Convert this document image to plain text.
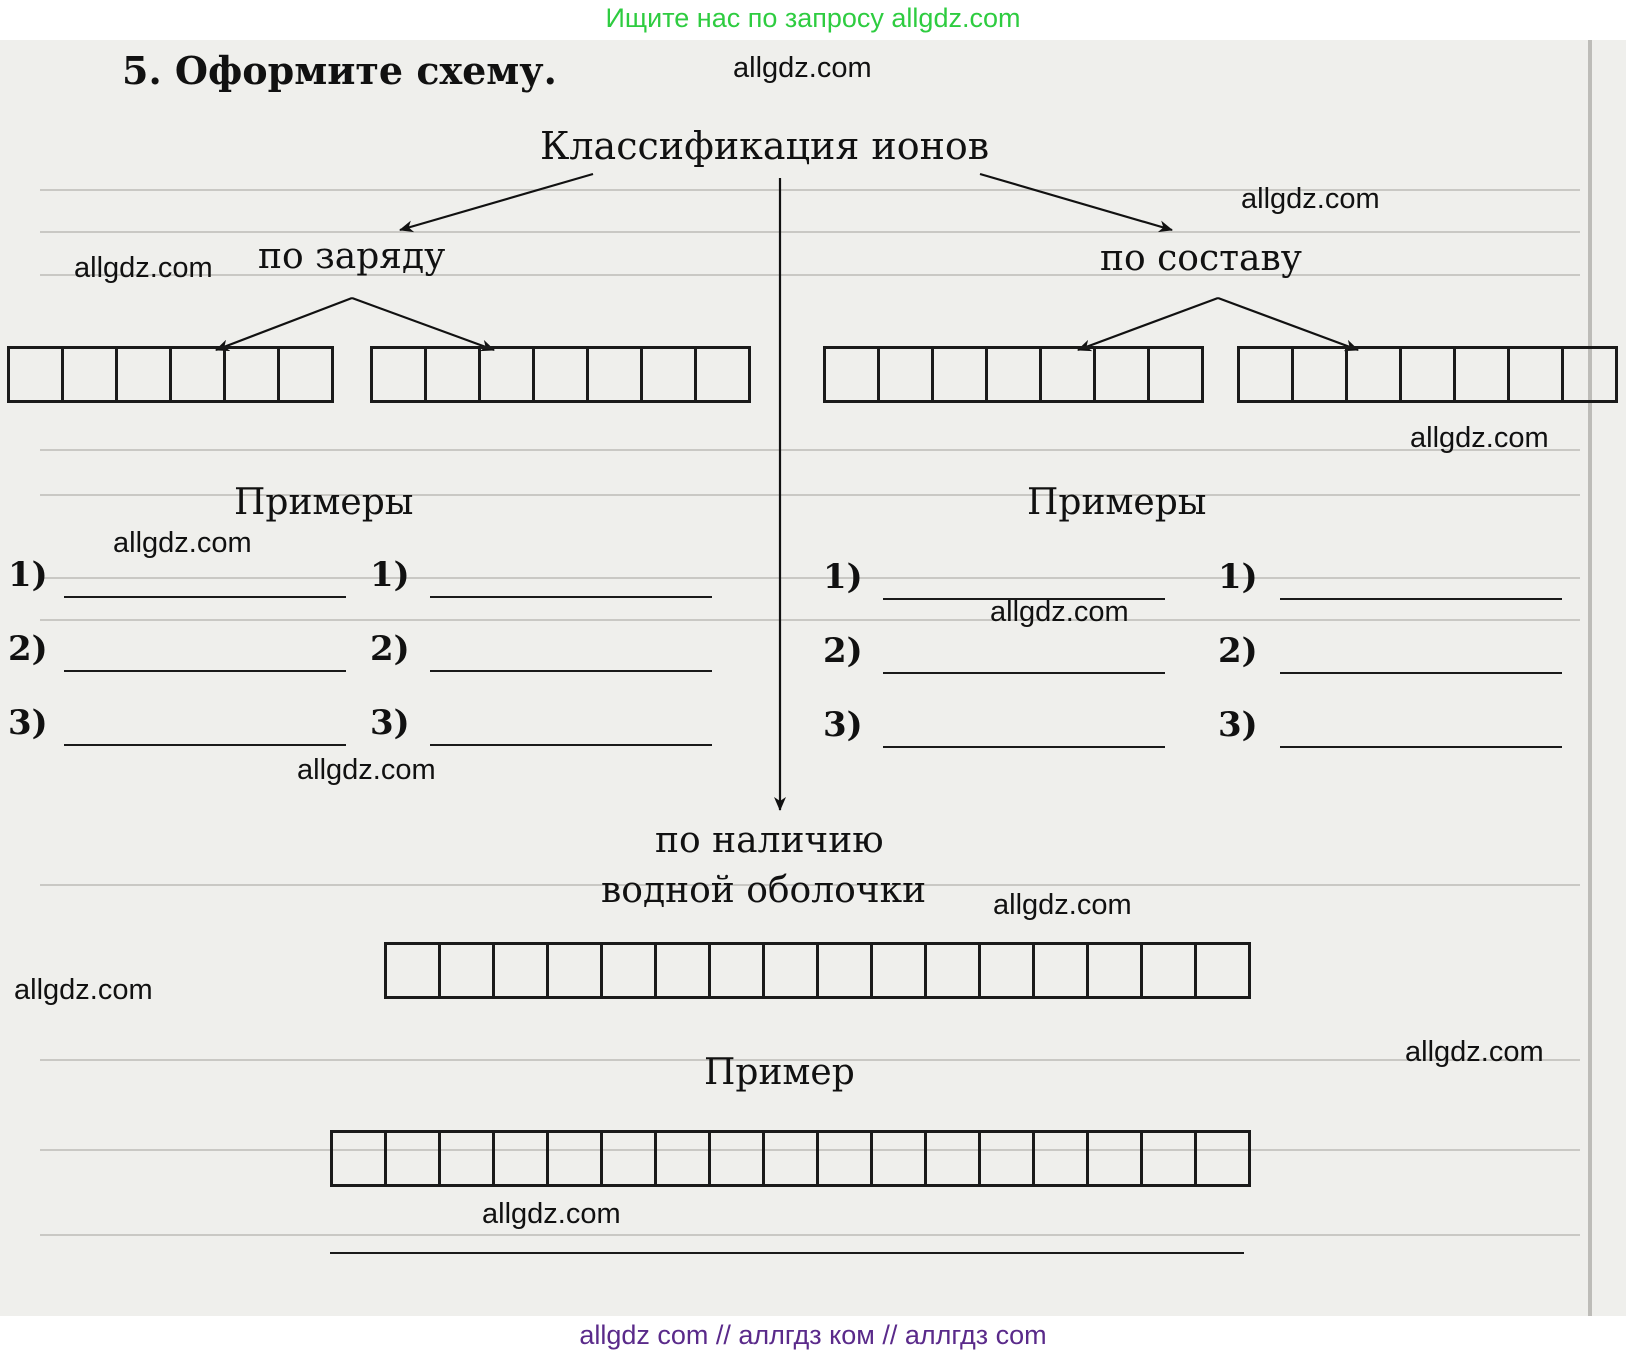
Ищите нас по запросу allgdz.com
5. Оформите схему.
Классификация ионов
по заряду	по составу
Примеры	Примеры
1)	1)
2)	2)
3)	3)
1)	1)
2)	2)
3)	3)
по наличию
водной оболочки
Пример
allgdz.com
allgdz.com
allgdz.com
allgdz.com
allgdz.com
allgdz.com
allgdz.com
allgdz.com
allgdz.com
allgdz.com
allgdz.com
allgdz com // аллгдз ком // аллгдз com
